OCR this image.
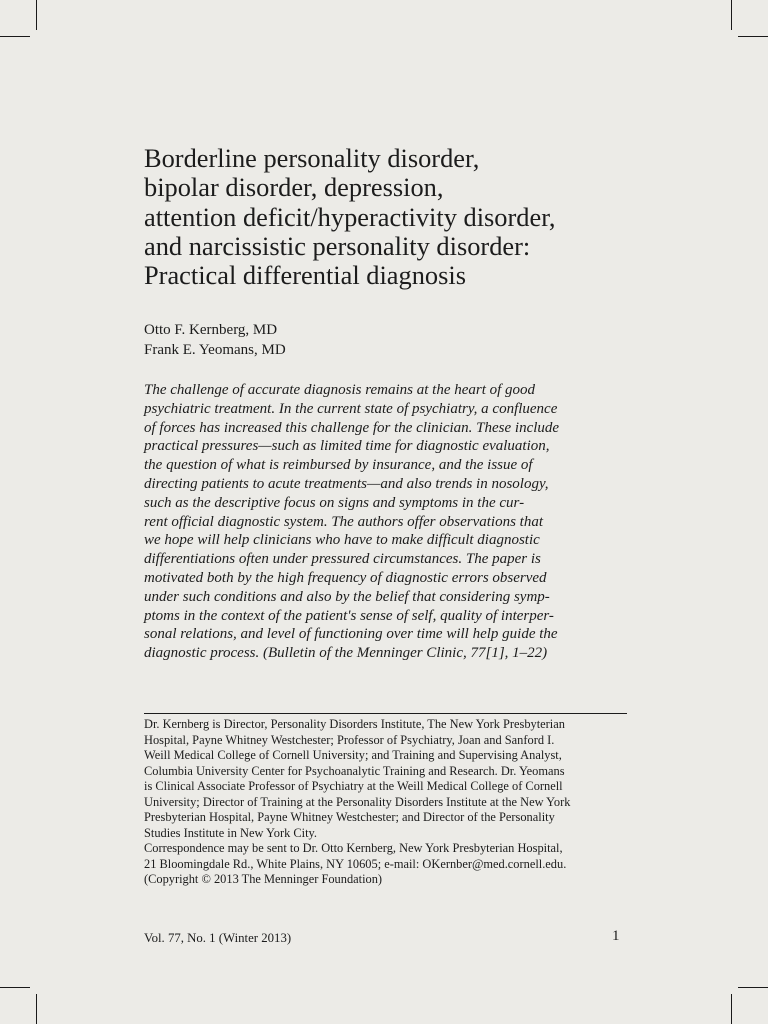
Borderline personality disorder,
bipolar disorder, depression,
attention deficit/hyperactivity disorder,
and narcissistic personality disorder:
Practical differential diagnosis
Otto F. Kernberg, MD
Frank E. Yeomans, MD
The challenge of accurate diagnosis remains at the heart of good
psychiatric treatment. In the current state of psychiatry, a confluence
of forces has increased this challenge for the clinician. These include
practical pressures—such as limited time for diagnostic evaluation,
the question of what is reimbursed by insurance, and the issue of
directing patients to acute treatments—and also trends in nosology,
such as the descriptive focus on signs and symptoms in the cur-
rent official diagnostic system. The authors offer observations that
we hope will help clinicians who have to make difficult diagnostic
differentiations often under pressured circumstances. The paper is
motivated both by the high frequency of diagnostic errors observed
under such conditions and also by the belief that considering symp-
ptoms in the context of the patient's sense of self, quality of interper-
sonal relations, and level of functioning over time will help guide the
diagnostic process. (Bulletin of the Menninger Clinic, 77[1], 1–22)
Dr. Kernberg is Director, Personality Disorders Institute, The New York Presbyterian
Hospital, Payne Whitney Westchester; Professor of Psychiatry, Joan and Sanford I.
Weill Medical College of Cornell University; and Training and Supervising Analyst,
Columbia University Center for Psychoanalytic Training and Research. Dr. Yeomans
is Clinical Associate Professor of Psychiatry at the Weill Medical College of Cornell
University; Director of Training at the Personality Disorders Institute at the New York
Presbyterian Hospital, Payne Whitney Westchester; and Director of the Personality
Studies Institute in New York City.
Correspondence may be sent to Dr. Otto Kernberg, New York Presbyterian Hospital,
21 Bloomingdale Rd., White Plains, NY 10605; e-mail: OKernber@med.cornell.edu.
(Copyright © 2013 The Menninger Foundation)
Vol. 77, No. 1 (Winter 2013)	1
